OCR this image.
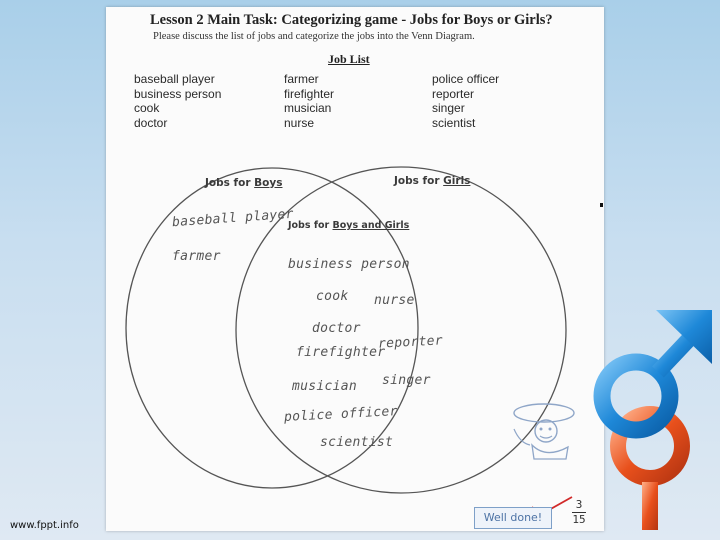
Lesson 2 Main Task: Categorizing game - Jobs for Boys or Girls?

Please discuss the list of jobs and categorize the jobs into the Venn Diagram.

Job List
baseball player
business person
cook
doctor
farmer
firefighter
musician
nurse
police officer
reporter
singer
scientist
Jobs for Boys	Jobs for Girls
Jobs for Boys and Girls
baseball player
farmer
business person
cook nurse
doctor
reporter
firefighter
singer
musician
police officer
scientist
Well done!
3
15
www.fppt.info
